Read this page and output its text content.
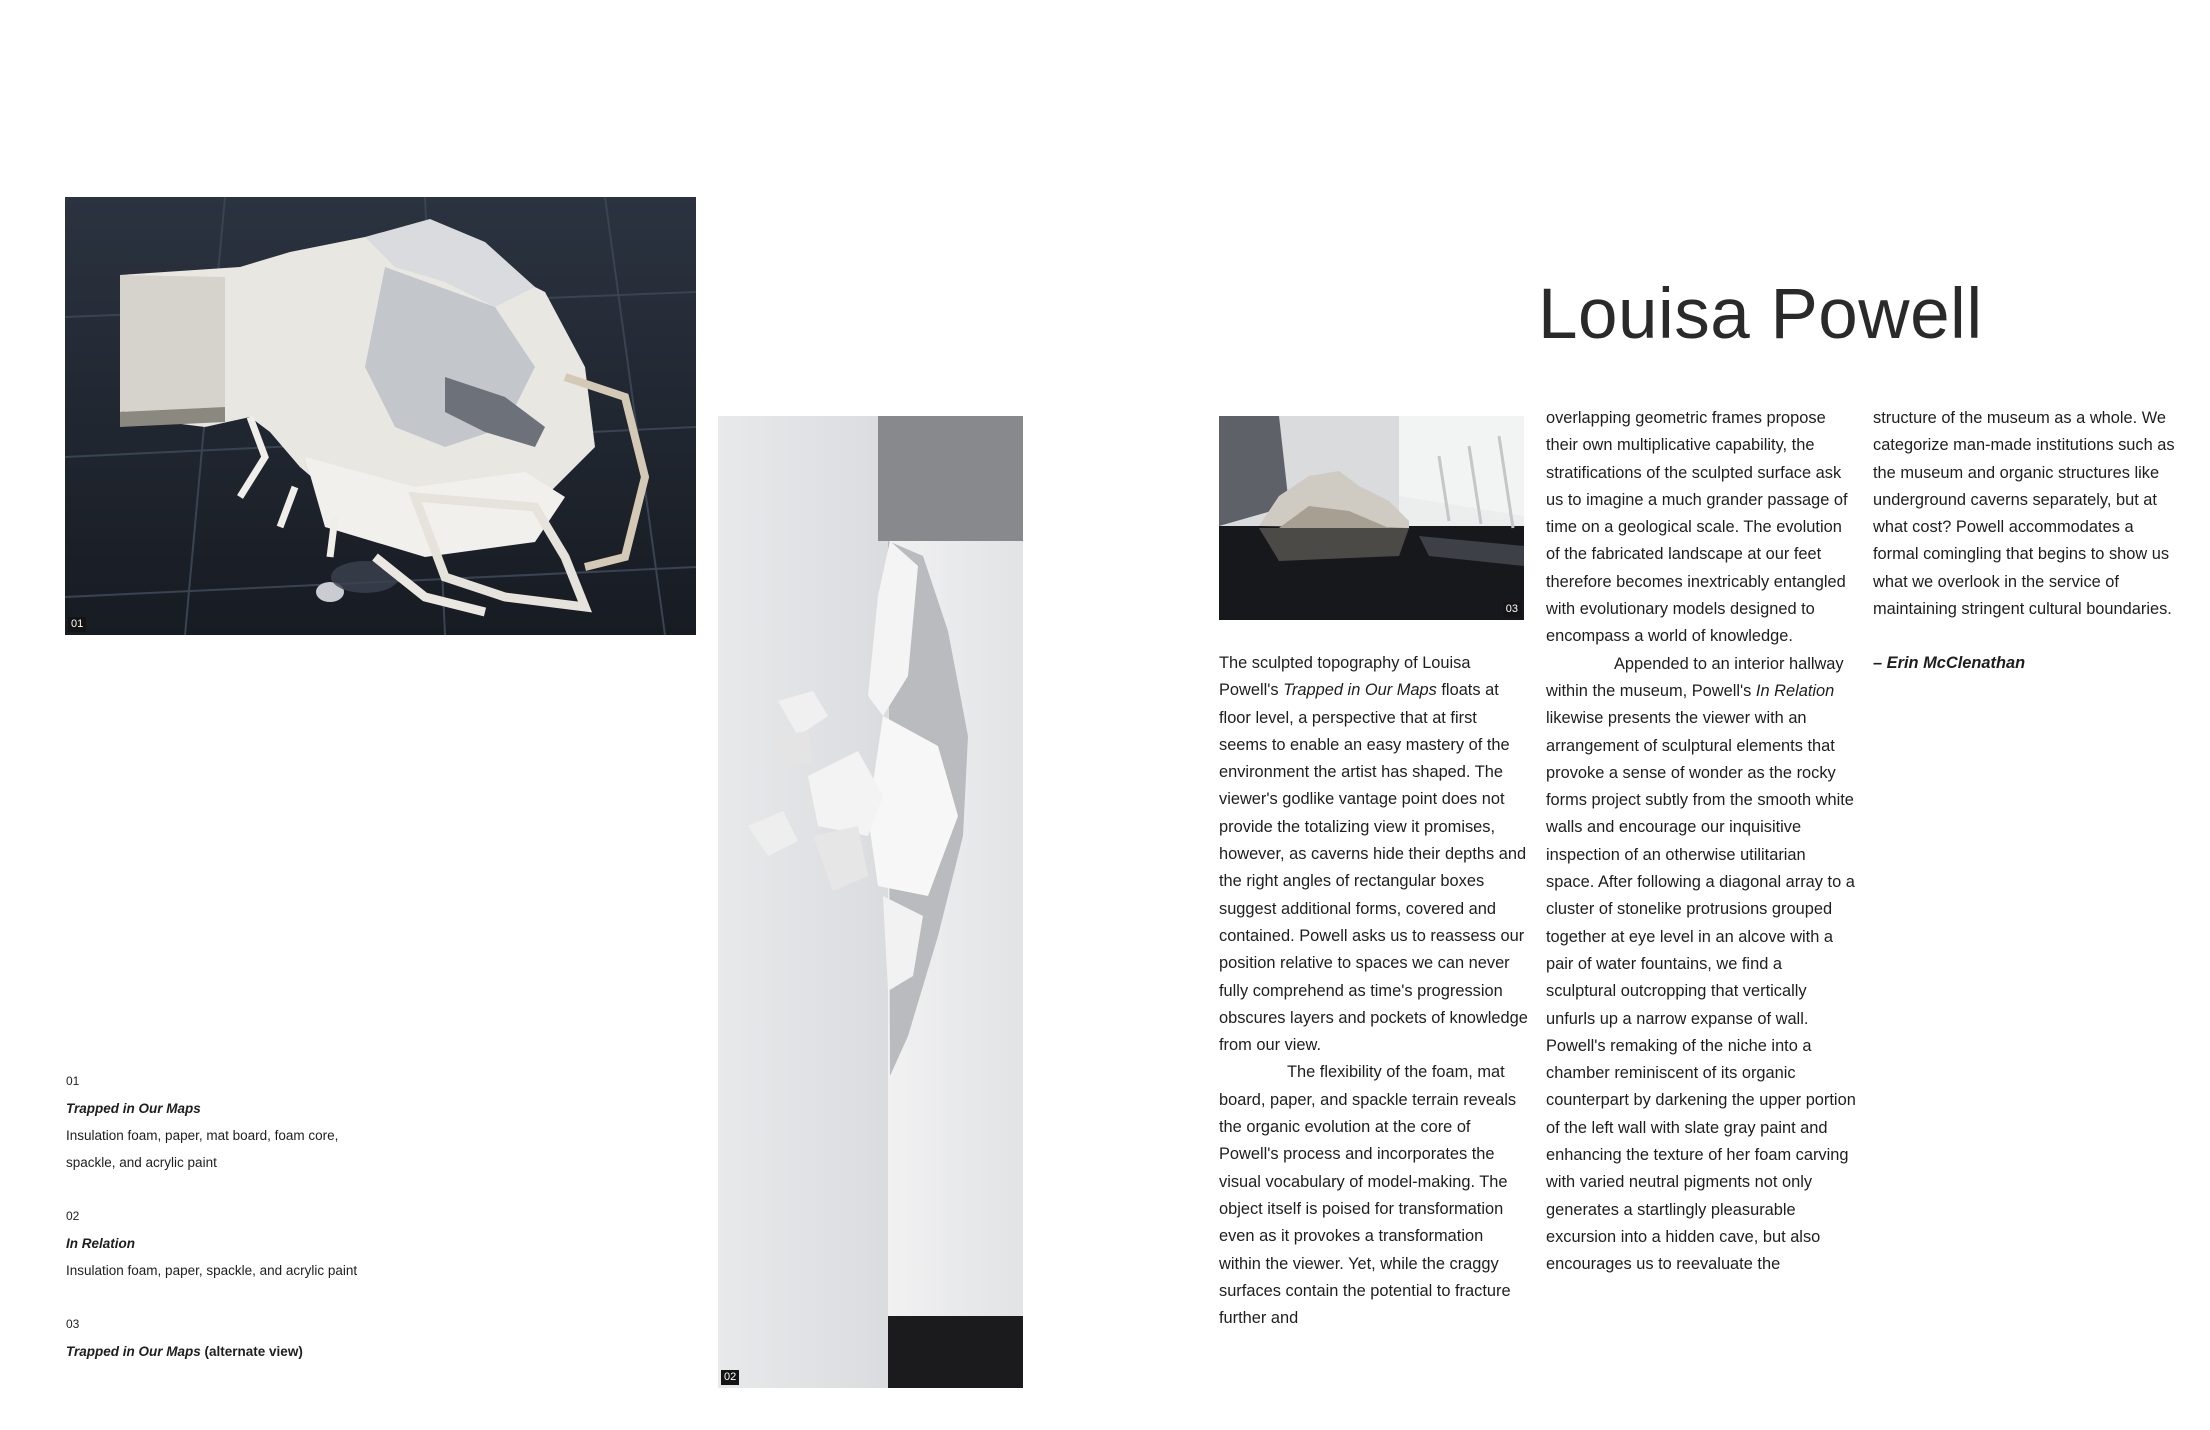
01
02
03
01
Trapped in Our Maps
Insulation foam, paper, mat board, foam core,
spackle, and acrylic paint
02
In Relation
Insulation foam, paper, spackle, and acrylic paint
03
Trapped in Our Maps (alternate view)
Louisa Powell

The sculpted topography of Louisa Powell's Trapped in Our Maps floats at floor level, a perspective that at first seems to enable an easy mastery of the environment the artist has shaped. The viewer's godlike vantage point does not provide the totalizing view it promises, however, as caverns hide their depths and the right angles of rectangular boxes suggest additional forms, covered and contained. Powell asks us to reassess our position relative to spaces we can never fully comprehend as time's progression obscures layers and pockets of knowledge from our view.

The flexibility of the foam, mat board, paper, and spackle terrain reveals the organic evolution at the core of Powell's process and incorporates the visual vocabulary of model-making. The object itself is poised for transformation even as it provokes a transformation within the viewer. Yet, while the craggy surfaces contain the potential to fracture further and

overlapping geometric frames propose their own multiplicative capability, the stratifications of the sculpted surface ask us to imagine a much grander passage of time on a geological scale. The evolution of the fabricated landscape at our feet therefore becomes inextricably entangled with evolutionary models designed to encompass a world of knowledge.

Appended to an interior hallway within the museum, Powell's In Relation likewise presents the viewer with an arrangement of sculptural elements that provoke a sense of wonder as the rocky forms project subtly from the smooth white walls and encourage our inquisitive inspection of an otherwise utilitarian space. After following a diagonal array to a cluster of stonelike protrusions grouped together at eye level in an alcove with a pair of water fountains, we find a sculptural outcropping that vertically unfurls up a narrow expanse of wall. Powell's remaking of the niche into a chamber reminiscent of its organic counterpart by darkening the upper portion of the left wall with slate gray paint and enhancing the texture of her foam carving with varied neutral pigments not only generates a startlingly pleasurable excursion into a hidden cave, but also encourages us to reevaluate the

structure of the museum as a whole. We categorize man-made institutions such as the museum and organic structures like underground caverns separately, but at what cost? Powell accommodates a formal comingling that begins to show us what we overlook in the service of maintaining stringent cultural boundaries.

– Erin McClenathan
